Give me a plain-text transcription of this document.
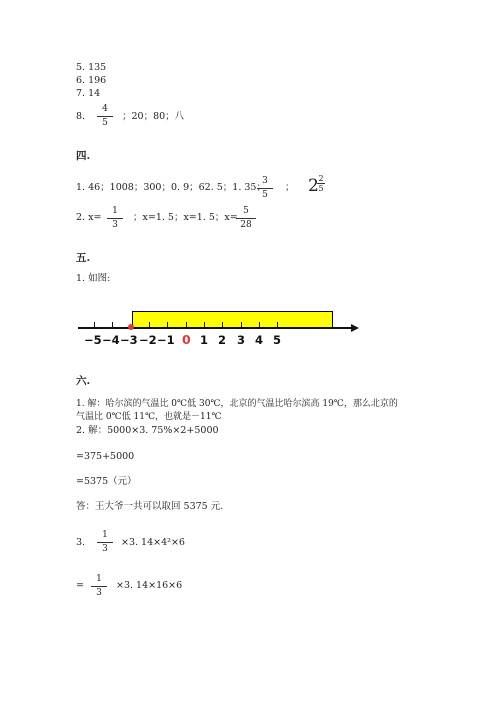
5. 135
6. 196
7. 14
8.
4
5
；20；80；八
四.
1. 46；1008；300；0. 9；62. 5；1. 35；
3
5
； 2 2
5
2. x=
1
3
；x=1. 5；x=1. 5；x=
5
28
五.
1. 如图:
−5 −4 −3 −2 −1 0 1 2 3 4 5
六.
1. 解：哈尔滨的气温比 0℃低 30℃，北京的气温比哈尔滨高 19℃，那么北京的
气温比 0℃低 11℃，也就是－11℃
2. 解：5000×3. 75%×2+5000
=375+5000
=5375（元）
答：王大爷一共可以取回 5375 元.
3.
1
3
×3. 14×4²×6
=
1
3
×3. 14×16×6
